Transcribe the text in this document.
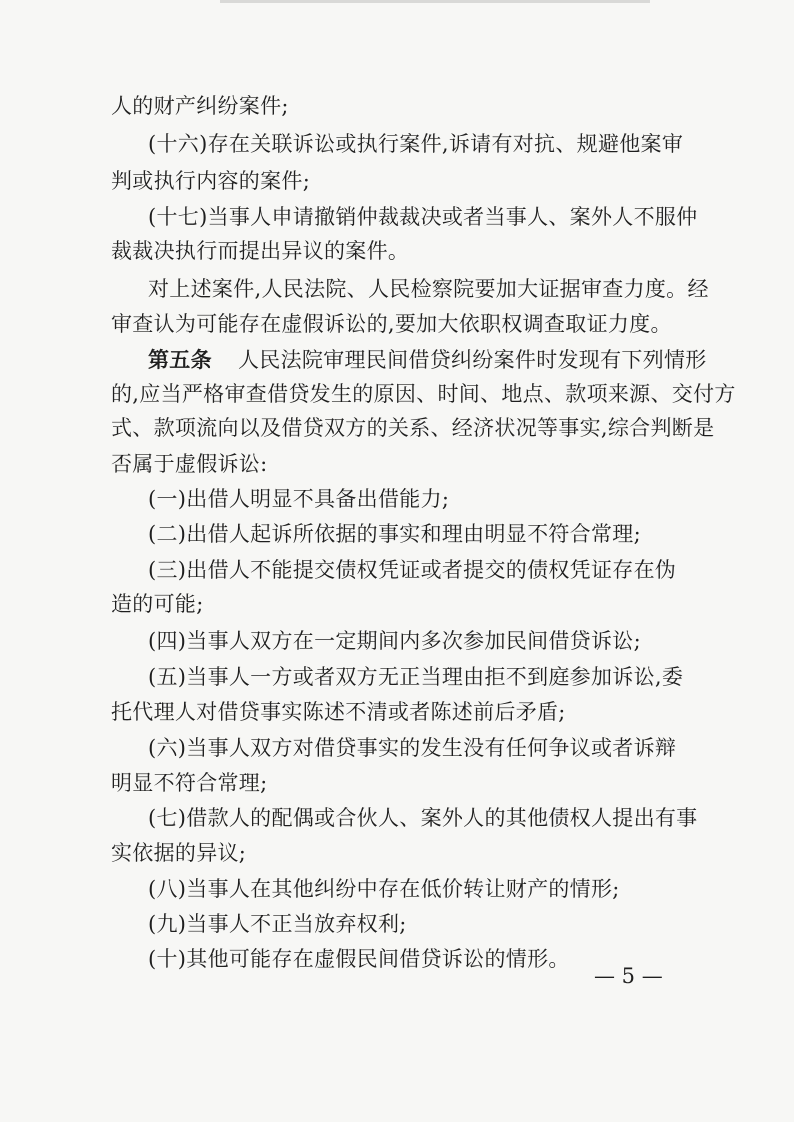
人的财产纠纷案件;
(十六)存在关联诉讼或执行案件,诉请有对抗、规避他案审
判或执行内容的案件;
(十七)当事人申请撤销仲裁裁决或者当事人、案外人不服仲
裁裁决执行而提出异议的案件。
对上述案件,人民法院、人民检察院要加大证据审查力度。经
审查认为可能存在虚假诉讼的,要加大依职权调查取证力度。
第五条 人民法院审理民间借贷纠纷案件时发现有下列情形
的,应当严格审查借贷发生的原因、时间、地点、款项来源、交付方
式、款项流向以及借贷双方的关系、经济状况等事实,综合判断是
否属于虚假诉讼:
(一)出借人明显不具备出借能力;
(二)出借人起诉所依据的事实和理由明显不符合常理;
(三)出借人不能提交债权凭证或者提交的债权凭证存在伪
造的可能;
(四)当事人双方在一定期间内多次参加民间借贷诉讼;
(五)当事人一方或者双方无正当理由拒不到庭参加诉讼,委
托代理人对借贷事实陈述不清或者陈述前后矛盾;
(六)当事人双方对借贷事实的发生没有任何争议或者诉辩
明显不符合常理;
(七)借款人的配偶或合伙人、案外人的其他债权人提出有事
实依据的异议;
(八)当事人在其他纠纷中存在低价转让财产的情形;
(九)当事人不正当放弃权利;
(十)其他可能存在虚假民间借贷诉讼的情形。
— 5 —
